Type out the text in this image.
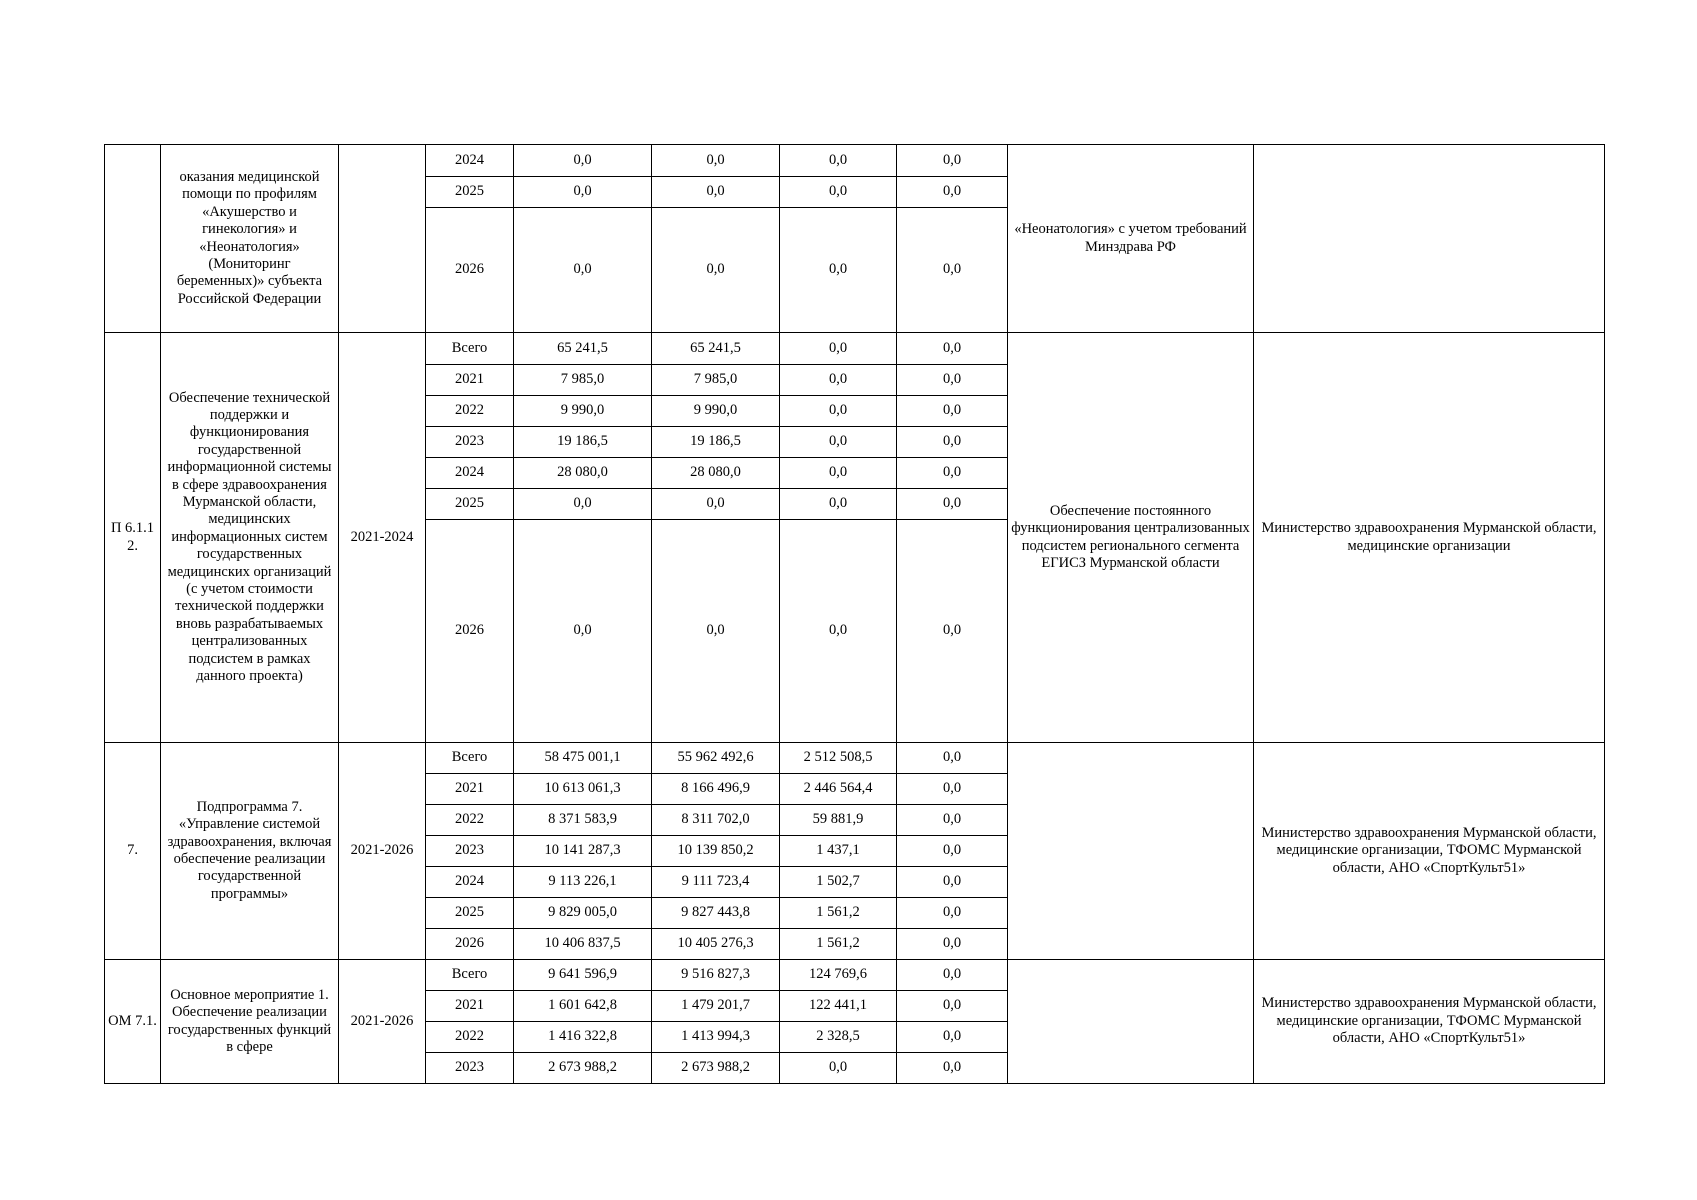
	оказания медицинской помощи по профилям «Акушерство и гинекология» и «Неонатология» (Мониторинг беременных)» субъекта Российской Федерации		2024	0,0	0,0	0,0	0,0	«Неонатология» с учетом требований Минздрава РФ	
			2025	0,0	0,0	0,0	0,0		
			2026	0,0	0,0	0,0	0,0		
П 6.1.1 2.	Обеспечение технической поддержки и функционирования государственной информационной системы в сфере здравоохранения Мурманской области, медицинских информационных систем государственных медицинских организаций (с учетом стоимости технической поддержки вновь разрабатываемых централизованных подсистем в рамках данного проекта)	2021-2024	Всего	65 241,5	65 241,5	0,0	0,0	Обеспечение постоянного функционирования централизованных подсистем регионального сегмента ЕГИСЗ Мурманской области	Министерство здравоохранения Мурманской области, медицинские организации
			2021	7 985,0	7 985,0	0,0	0,0		
			2022	9 990,0	9 990,0	0,0	0,0		
			2023	19 186,5	19 186,5	0,0	0,0		
			2024	28 080,0	28 080,0	0,0	0,0		
			2025	0,0	0,0	0,0	0,0		
			2026	0,0	0,0	0,0	0,0		
7.	Подпрограмма 7. «Управление системой здравоохранения, включая обеспечение реализации государственной программы»	2021-2026	Всего	58 475 001,1	55 962 492,6	2 512 508,5	0,0		Министерство здравоохранения Мурманской области, медицинские организации, ТФОМС Мурманской области, АНО «СпортКульт51»
			2021	10 613 061,3	8 166 496,9	2 446 564,4	0,0		
			2022	8 371 583,9	8 311 702,0	59 881,9	0,0		
			2023	10 141 287,3	10 139 850,2	1 437,1	0,0		
			2024	9 113 226,1	9 111 723,4	1 502,7	0,0		
			2025	9 829 005,0	9 827 443,8	1 561,2	0,0		
			2026	10 406 837,5	10 405 276,3	1 561,2	0,0		
ОМ 7.1.	Основное мероприятие 1. Обеспечение реализации государственных функций в сфере	2021-2026	Всего	9 641 596,9	9 516 827,3	124 769,6	0,0		Министерство здравоохранения Мурманской области, медицинские организации, ТФОМС Мурманской области, АНО «СпортКульт51»
			2021	1 601 642,8	1 479 201,7	122 441,1	0,0		
			2022	1 416 322,8	1 413 994,3	2 328,5	0,0		
			2023	2 673 988,2	2 673 988,2	0,0	0,0		
